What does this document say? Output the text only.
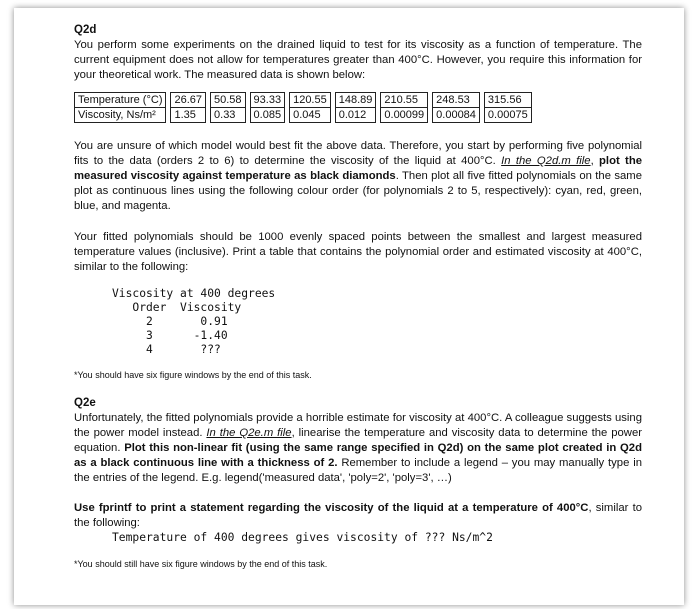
Q2d

You perform some experiments on the drained liquid to test for its viscosity as a function of temperature. The current equipment does not allow for temperatures greater than 400°C. However, you require this information for your theoretical work. The measured data is shown below:

Temperature (°C)		26.67		50.58		93.33		120.55		148.89		210.55		248.53		315.56
Viscosity, Ns/m²		1.35		0.33		0.085		0.045		0.012		0.00099		0.00084		0.00075

You are unsure of which model would best fit the above data. Therefore, you start by performing five polynomial fits to the data (orders 2 to 6) to determine the viscosity of the liquid at 400°C. In the Q2d.m file, plot the measured viscosity against temperature as black diamonds. Then plot all five fitted polynomials on the same plot as continuous lines using the following colour order (for polynomials 2 to 5, respectively): cyan, red, green, blue, and magenta.

Your fitted polynomials should be 1000 evenly spaced points between the smallest and largest measured temperature values (inclusive). Print a table that contains the polynomial order and estimated viscosity at 400°C, similar to the following:

Viscosity at 400 degrees
Order  Viscosity
2       0.91
3      -1.40
4       ???

*You should have six figure windows by the end of this task.

Q2e

Unfortunately, the fitted polynomials provide a horrible estimate for viscosity at 400°C. A colleague suggests using the power model instead. In the Q2e.m file, linearise the temperature and viscosity data to determine the power equation. Plot this non-linear fit (using the same range specified in Q2d) on the same plot created in Q2d as a black continuous line with a thickness of 2. Remember to include a legend – you may manually type in the entries of the legend. E.g. legend('measured data', 'poly=2', 'poly=3', …)

Use fprintf to print a statement regarding the viscosity of the liquid at a temperature of 400°C, similar to the following:

Temperature of 400 degrees gives viscosity of ??? Ns/m^2

*You should still have six figure windows by the end of this task.
